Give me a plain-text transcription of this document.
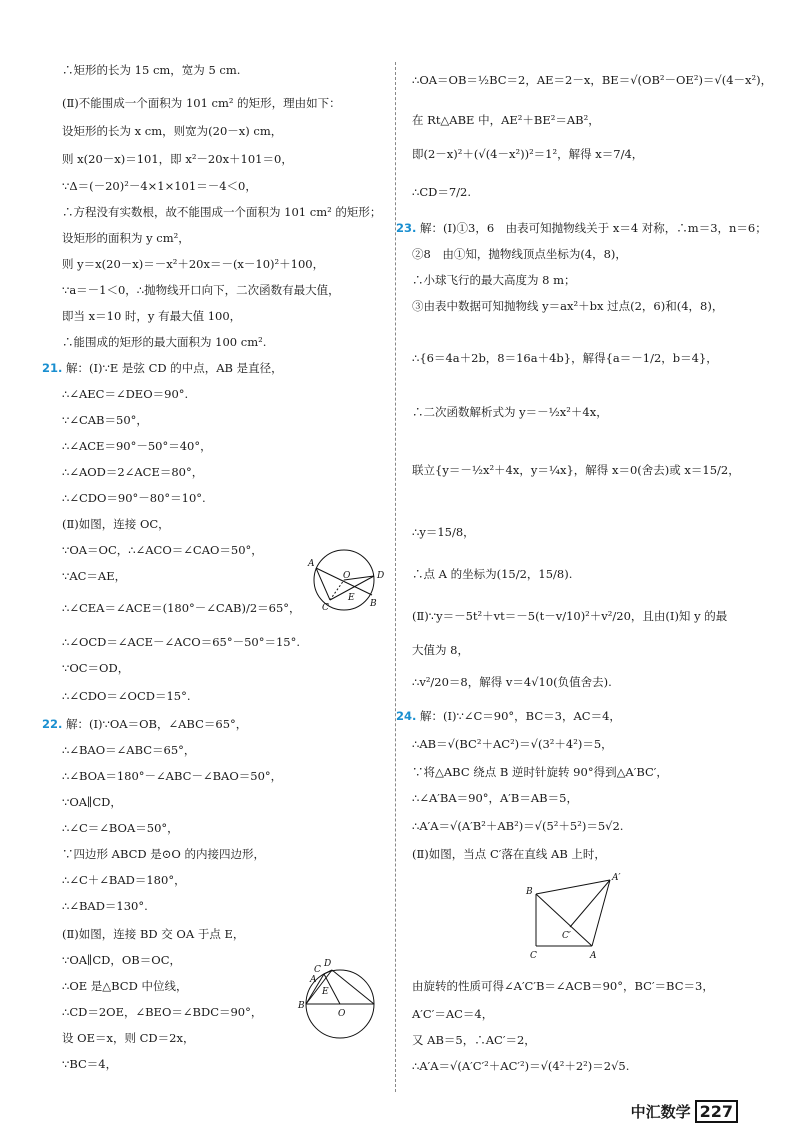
∴矩形的长为 15 cm，宽为 5 cm.
(Ⅱ)不能围成一个面积为 101 cm² 的矩形，理由如下：
设矩形的长为 x cm，则宽为(20－x) cm，
则 x(20－x)＝101，即 x²－20x＋101＝0，
∵Δ＝(－20)²－4×1×101＝－4＜0，
∴方程没有实数根，故不能围成一个面积为 101 cm² 的矩形；
设矩形的面积为 y cm²，
则 y＝x(20－x)＝－x²＋20x＝－(x－10)²＋100，
∵a＝－1＜0，∴抛物线开口向下，二次函数有最大值，
即当 x＝10 时，y 有最大值 100，
∴能围成的矩形的最大面积为 100 cm².
21. 解：(Ⅰ)∵E 是弦 CD 的中点，AB 是直径，
∴∠AEC＝∠DEO＝90°.
∵∠CAB＝50°，
∴∠ACE＝90°－50°＝40°，
∴∠AOD＝2∠ACE＝80°，
∴∠CDO＝90°－80°＝10°.
(Ⅱ)如图，连接 OC，
∵OA＝OC，∴∠ACO＝∠CAO＝50°，
∵AC＝AE，
∴∠CEA＝∠ACE＝(180°－∠CAB)/2＝65°，
∴∠OCD＝∠ACE－∠ACO＝65°－50°＝15°.
∵OC＝OD，
∴∠CDO＝∠OCD＝15°.
22. 解：(Ⅰ)∵OA＝OB，∠ABC＝65°，
∴∠BAO＝∠ABC＝65°，
∴∠BOA＝180°－∠ABC－∠BAO＝50°，
∵OA∥CD，
∴∠C＝∠BOA＝50°，
∵四边形 ABCD 是⊙O 的内接四边形，
∴∠C＋∠BAD＝180°，
∴∠BAD＝130°.
(Ⅱ)如图，连接 BD 交 OA 于点 E，
∵OA∥CD，OB＝OC，
∴OE 是△BCD 中位线，
∴CD＝2OE，∠BEO＝∠BDC＝90°，
设 OE＝x，则 CD＝2x，
∵BC＝4，
A
O	D
C
E
B
A
D
C
E
B
O
∴OA＝OB＝½BC＝2，AE＝2－x，BE＝√(OB²－OE²)＝√(4－x²)，
在 Rt△ABE 中，AE²＋BE²＝AB²，
即(2－x)²＋(√(4－x²))²＝1²，解得 x＝7/4，
∴CD＝7/2.
23. 解：(Ⅰ)①3，6　由表可知抛物线关于 x＝4 对称，∴m＝3，n＝6；
②8　由①知，抛物线顶点坐标为(4，8)，
∴小球飞行的最大高度为 8 m；
③由表中数据可知抛物线 y＝ax²＋bx 过点(2，6)和(4，8)，
∴{6＝4a＋2b，8＝16a＋4b}，解得{a＝－1/2，b＝4}，
∴二次函数解析式为 y＝－½x²＋4x，
联立{y＝－½x²＋4x，y＝¼x}，解得 x＝0(舍去)或 x＝15/2，
∴y＝15/8，
∴点 A 的坐标为(15/2，15/8).
(Ⅱ)∵y＝－5t²＋vt＝－5(t－v/10)²＋v²/20，且由(Ⅰ)知 y 的最
大值为 8，
∴v²/20＝8，解得 v＝4√10(负值舍去).
24. 解：(Ⅰ)∵∠C＝90°，BC＝3，AC＝4，
∴AB＝√(BC²＋AC²)＝√(3²＋4²)＝5，
∵将△ABC 绕点 B 逆时针旋转 90°得到△A′BC′，
∴∠A′BA＝90°，A′B＝AB＝5，
∴A′A＝√(A′B²＋AB²)＝√(5²＋5²)＝5√2.
(Ⅱ)如图，当点 C′落在直线 AB 上时，
由旋转的性质可得∠A′C′B＝∠ACB＝90°，BC′＝BC＝3，
A′C′＝AC＝4，
又 AB＝5，∴AC′＝2，
∴A′A＝√(A′C′²＋AC′²)＝√(4²＋2²)＝2√5.
A′
B
C′
C	A
中汇数学 227
